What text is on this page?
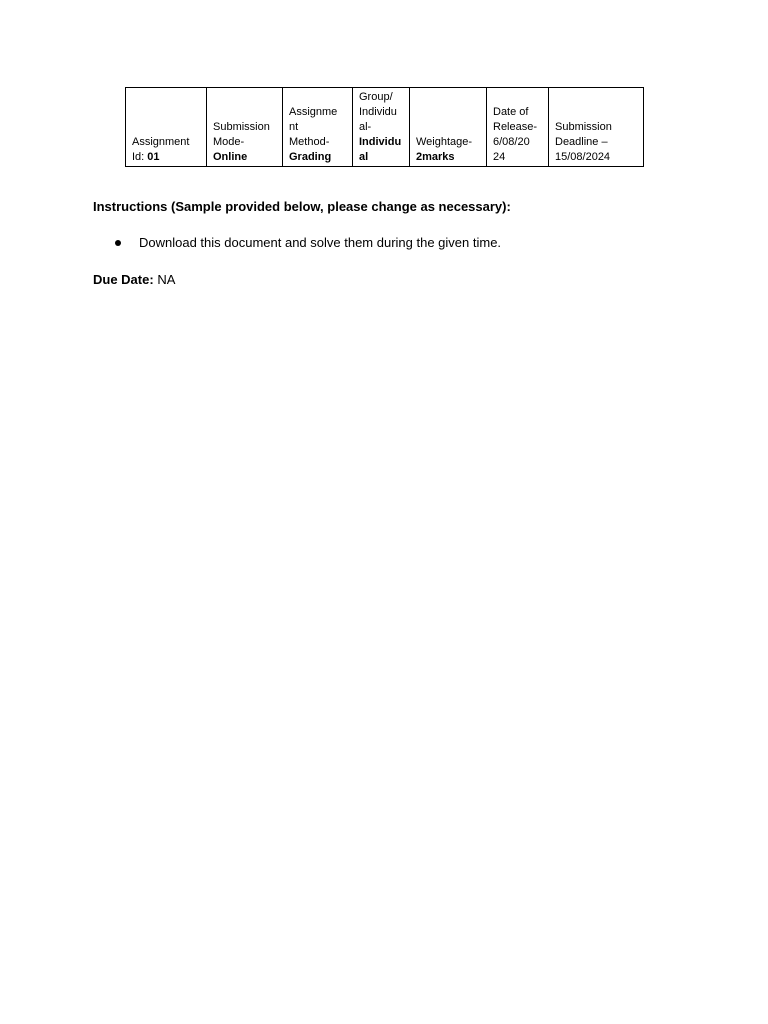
Assignment
Id: 01

Submission
Mode-
Online

Assignme
nt
Method-
Grading

Group/
Individu
al-
Individu
al

Weightage-
2marks

Date of
Release-
6/08/20
24

Submission
Deadline –
15/08/2024
Instructions (Sample provided below, please change as necessary):
Download this document and solve them during the given time.
Due Date: NA
